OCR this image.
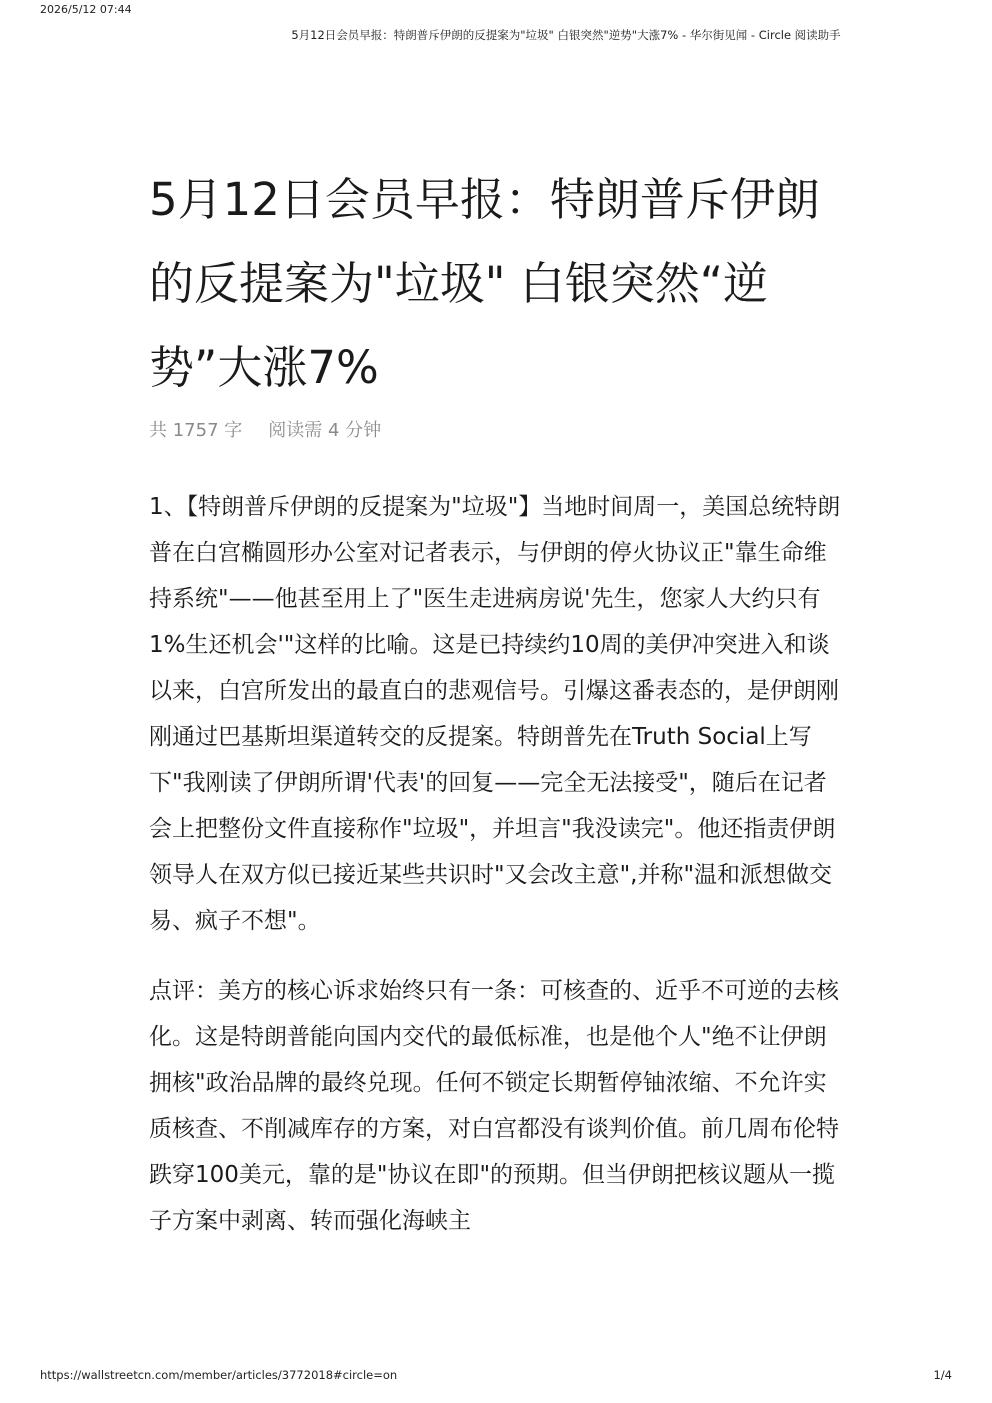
2026/5/12 07:44
5月12日会员早报：特朗普斥伊朗的反提案为"垃圾" 白银突然"逆势"大涨7% - 华尔街见闻 - Circle 阅读助手
5月12日会员早报：特朗普斥伊朗的反提案为"垃圾" 白银突然“逆势”大涨7%
共 1757 字 阅读需 4 分钟

1、【特朗普斥伊朗的反提案为"垃圾"】当地时间周一，美国总统特朗普在白宫椭圆形办公室对记者表示，与伊朗的停火协议正"靠生命维持系统"——他甚至用上了"医生走进病房说'先生，您家人大约只有1%生还机会'"这样的比喻。这是已持续约10周的美伊冲突进入和谈以来，白宫所发出的最直白的悲观信号。引爆这番表态的，是伊朗刚刚通过巴基斯坦渠道转交的反提案。特朗普先在Truth Social上写下"我刚读了伊朗所谓'代表'的回复——完全无法接受"，随后在记者会上把整份文件直接称作"垃圾"，并坦言"我没读完"。他还指责伊朗领导人在双方似已接近某些共识时"又会改主意",并称"温和派想做交易、疯子不想"。

点评：美方的核心诉求始终只有一条：可核查的、近乎不可逆的去核化。这是特朗普能向国内交代的最低标准，也是他个人"绝不让伊朗拥核"政治品牌的最终兑现。任何不锁定长期暂停铀浓缩、不允许实质核查、不削减库存的方案，对白宫都没有谈判价值。前几周布伦特跌穿100美元，靠的是"协议在即"的预期。但当伊朗把核议题从一揽子方案中剥离、转而强化海峡主

https://wallstreetcn.com/member/articles/3772018#circle=on	1/4
